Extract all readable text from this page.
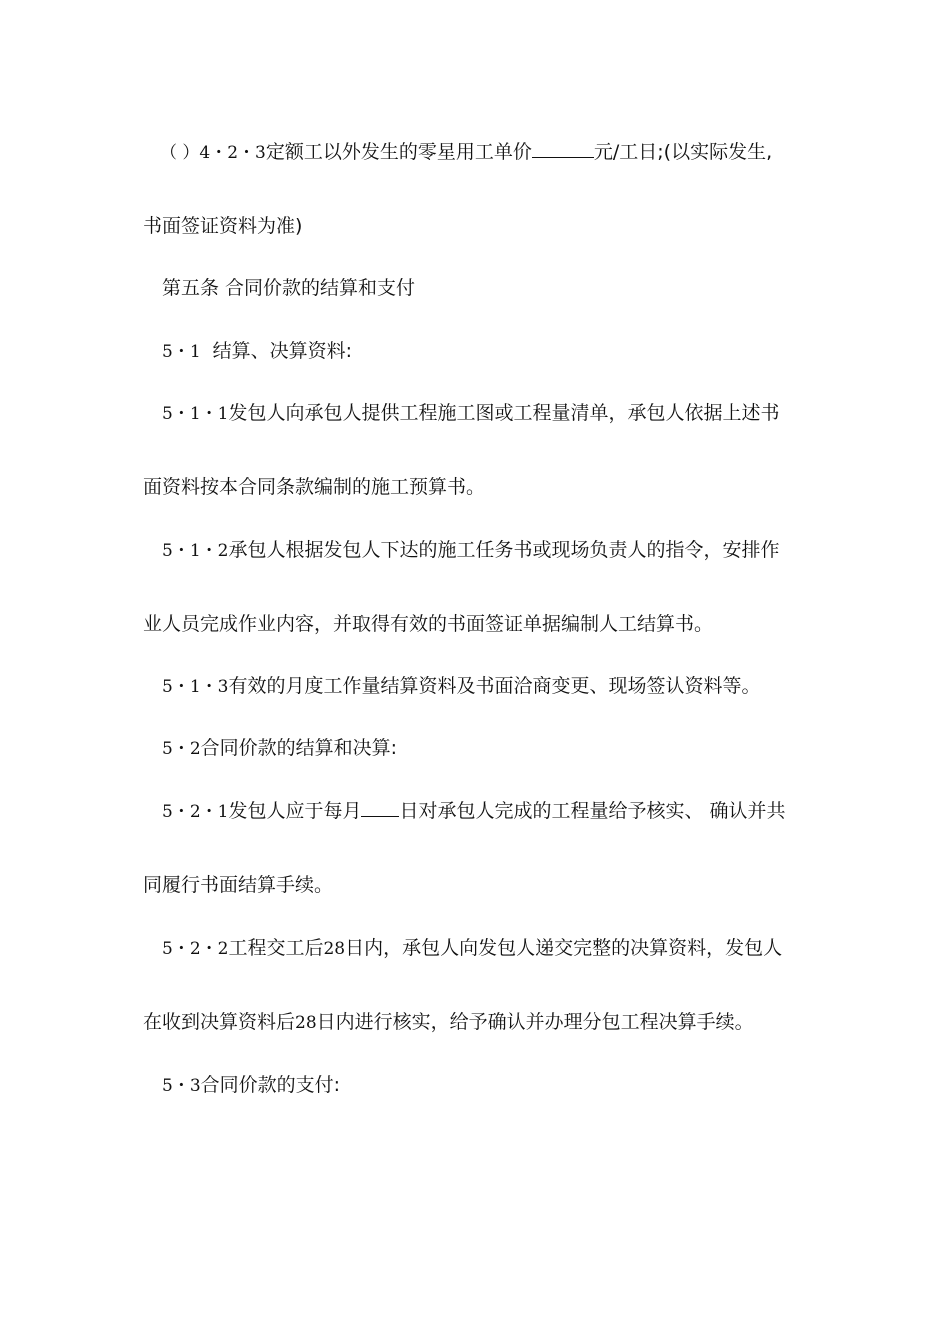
（ ）4・2・3定额工以外发生的零星用工单价	元/工日;(以实际发生,
书面签证资料为准)
第五条 合同价款的结算和支付
5・1 结算、决算资料:
5・1・1发包人向承包人提供工程施工图或工程量清单，承包人依据上述书
面资料按本合同条款编制的施工预算书。
5・1・2承包人根据发包人下达的施工任务书或现场负责人的指令，安排作
业人员完成作业内容，并取得有效的书面签证单据编制人工结算书。
5・1・3有效的月度工作量结算资料及书面洽商变更、现场签认资料等。
5・2合同价款的结算和决算:
5・2・1发包人应于每月 日对承包人完成的工程量给予核实、 确认并共
同履行书面结算手续。
5・2・2工程交工后28日内，承包人向发包人递交完整的决算资料，发包人
在收到决算资料后28日内进行核实，给予确认并办理分包工程决算手续。
5・3合同价款的支付:
